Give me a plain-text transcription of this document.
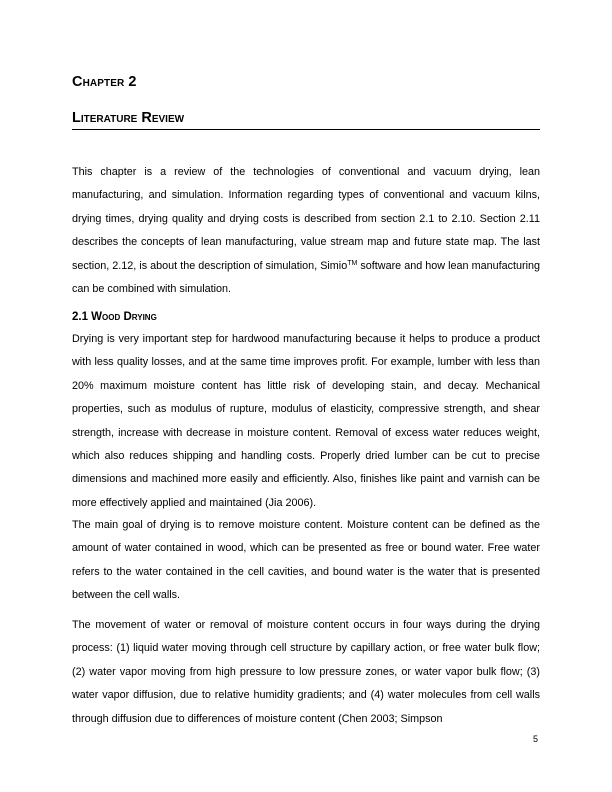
Chapter 2
Literature Review

This chapter is a review of the technologies of conventional and vacuum drying, lean manufacturing, and simulation. Information regarding types of conventional and vacuum kilns, drying times, drying quality and drying costs is described from section 2.1 to 2.10. Section 2.11 describes the concepts of lean manufacturing, value stream map and future state map. The last section, 2.12, is about the description of simulation, Simio™ software and how lean manufacturing can be combined with simulation.

2.1 Wood Drying

Drying is very important step for hardwood manufacturing because it helps to produce a product with less quality losses, and at the same time improves profit. For example, lumber with less than 20% maximum moisture content has little risk of developing stain, and decay. Mechanical properties, such as modulus of rupture, modulus of elasticity, compressive strength, and shear strength, increase with decrease in moisture content. Removal of excess water reduces weight, which also reduces shipping and handling costs. Properly dried lumber can be cut to precise dimensions and machined more easily and efficiently. Also, finishes like paint and varnish can be more effectively applied and maintained (Jia 2006).

The main goal of drying is to remove moisture content. Moisture content can be defined as the amount of water contained in wood, which can be presented as free or bound water. Free water refers to the water contained in the cell cavities, and bound water is the water that is presented between the cell walls.

The movement of water or removal of moisture content occurs in four ways during the drying process: (1) liquid water moving through cell structure by capillary action, or free water bulk flow; (2) water vapor moving from high pressure to low pressure zones, or water vapor bulk flow; (3) water vapor diffusion, due to relative humidity gradients; and (4) water molecules from cell walls through diffusion due to differences of moisture content (Chen 2003; Simpson

5
